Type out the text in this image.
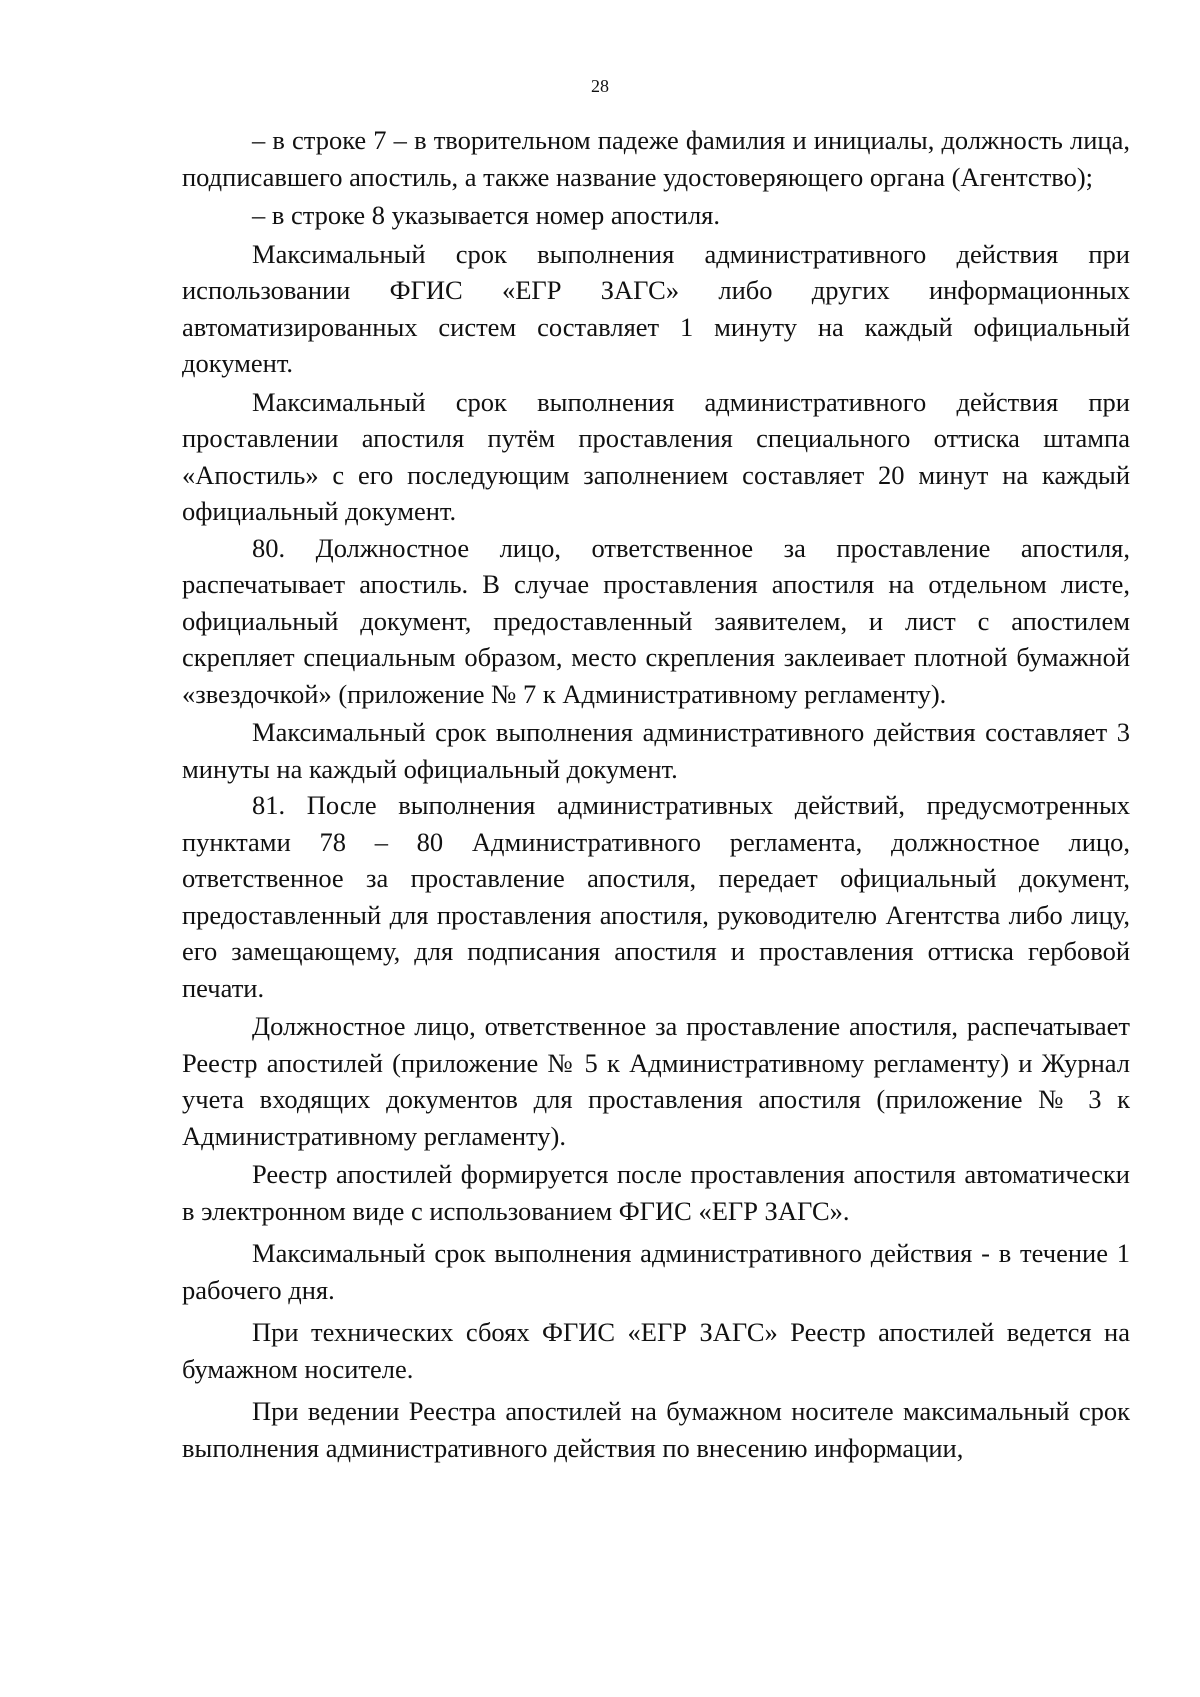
28

– в строке 7 – в творительном падеже фамилия и инициалы, должность лица, подписавшего апостиль, а также название удостоверяющего органа (Агентство);

– в строке 8 указывается номер апостиля.

Максимальный срок выполнения административного действия при использовании ФГИС «ЕГР ЗАГС» либо других информационных автоматизированных систем составляет 1 минуту на каждый официальный документ.

Максимальный срок выполнения административного действия при проставлении апостиля путём проставления специального оттиска штампа «Апостиль» с его последующим заполнением составляет 20 минут на каждый официальный документ.

80. Должностное лицо, ответственное за проставление апостиля, распечатывает апостиль. В случае проставления апостиля на отдельном листе, официальный документ, предоставленный заявителем, и лист с апостилем скрепляет специальным образом, место скрепления заклеивает плотной бумажной «звездочкой» (приложение № 7 к Административному регламенту).

Максимальный срок выполнения административного действия составляет 3 минуты на каждый официальный документ.

81. После выполнения административных действий, предусмотренных пунктами 78 – 80 Административного регламента, должностное лицо, ответственное за проставление апостиля, передает официальный документ, предоставленный для проставления апостиля, руководителю Агентства либо лицу, его замещающему, для подписания апостиля и проставления оттиска гербовой печати.

Должностное лицо, ответственное за проставление апостиля, распечатывает Реестр апостилей (приложение № 5 к Административному регламенту) и Журнал учета входящих документов для проставления апостиля (приложение № 3 к Административному регламенту).

Реестр апостилей формируется после проставления апостиля автоматически в электронном виде с использованием ФГИС «ЕГР ЗАГС».

Максимальный срок выполнения административного действия - в течение 1 рабочего дня.

При технических сбоях ФГИС «ЕГР ЗАГС» Реестр апостилей ведется на бумажном носителе.

При ведении Реестра апостилей на бумажном носителе максимальный срок выполнения административного действия по внесению информации,
